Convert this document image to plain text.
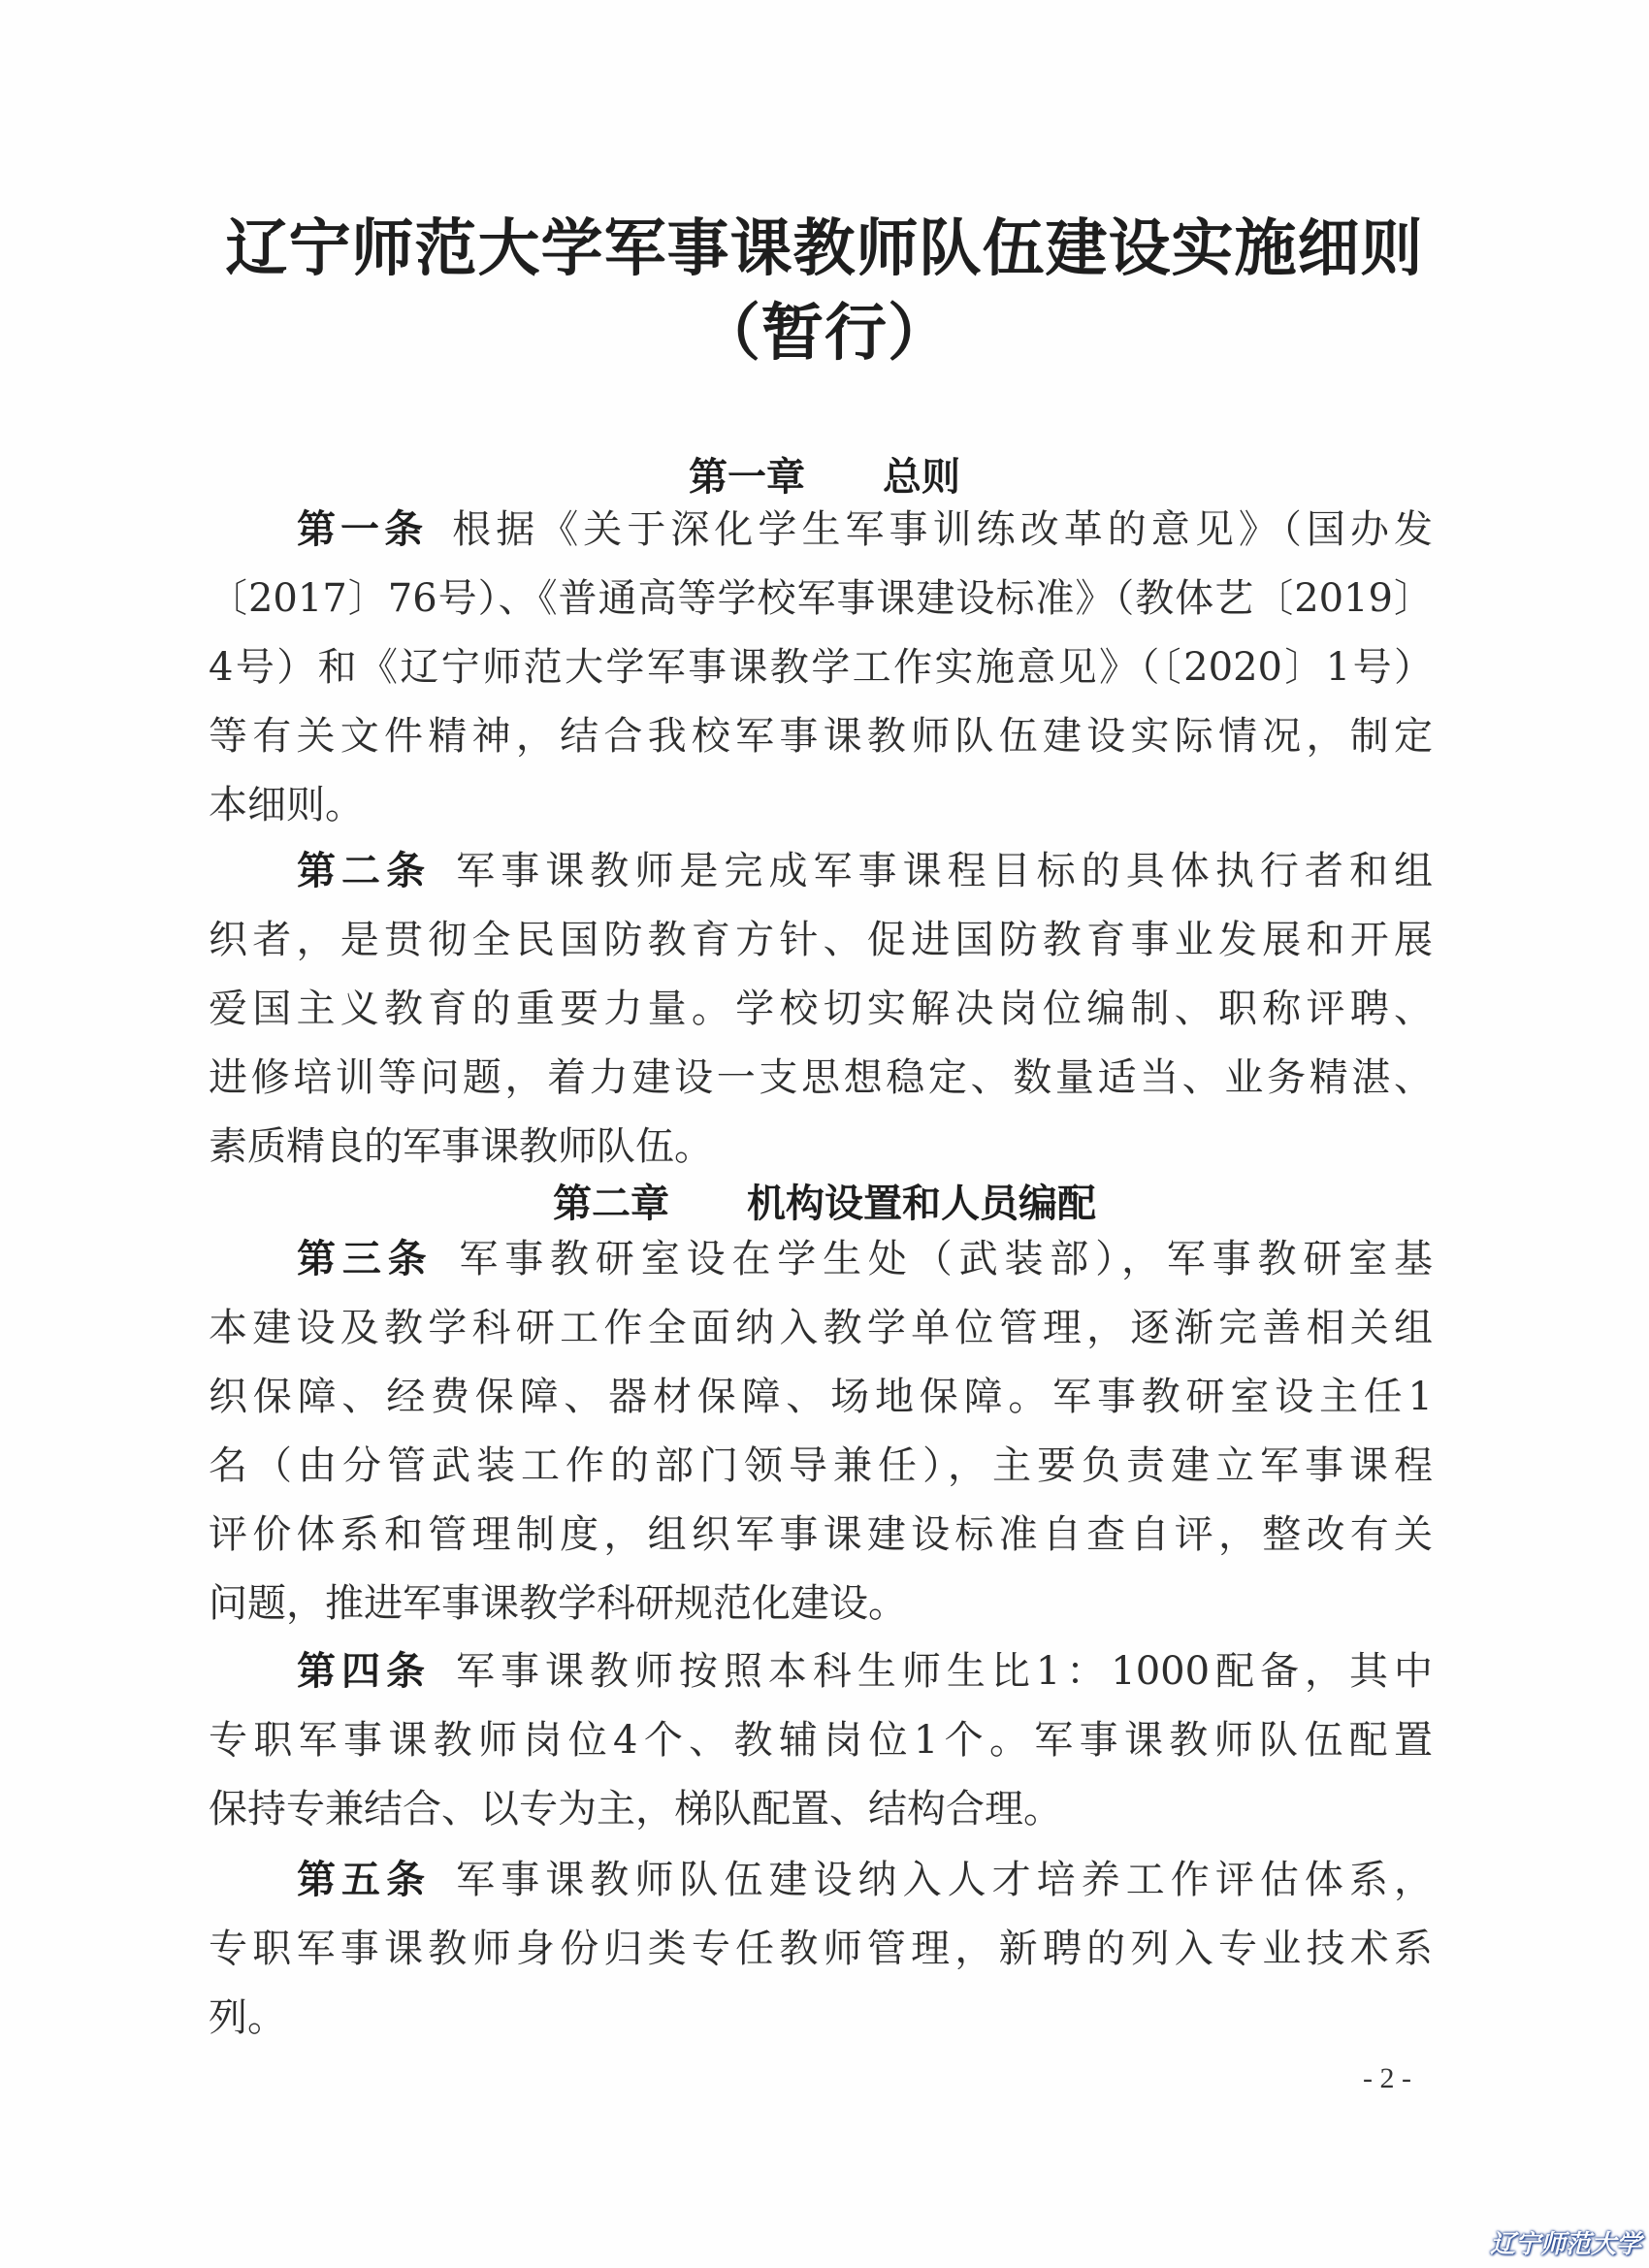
辽宁师范大学军事课教师队伍建设实施细则
（暂行）
第一章　　总则
第一条  根据《关于深化学生军事训练改革的意见》（国办发
〔2017〕76号）、《普通高等学校军事课建设标准》（教体艺〔2019〕
4号）和《辽宁师范大学军事课教学工作实施意见》（〔2020〕1号）
等有关文件精神，结合我校军事课教师队伍建设实际情况，制定
本细则。
第二条  军事课教师是完成军事课程目标的具体执行者和组
织者，是贯彻全民国防教育方针、促进国防教育事业发展和开展
爱国主义教育的重要力量。学校切实解决岗位编制、职称评聘、
进修培训等问题，着力建设一支思想稳定、数量适当、业务精湛、
素质精良的军事课教师队伍。
第二章　　机构设置和人员编配
第三条  军事教研室设在学生处（武装部），军事教研室基
本建设及教学科研工作全面纳入教学单位管理，逐渐完善相关组
织保障、经费保障、器材保障、场地保障。军事教研室设主任1
名（由分管武装工作的部门领导兼任），主要负责建立军事课程
评价体系和管理制度，组织军事课建设标准自查自评，整改有关
问题，推进军事课教学科研规范化建设。
第四条  军事课教师按照本科生师生比1：1000配备，其中
专职军事课教师岗位4个、教辅岗位1个。军事课教师队伍配置
保持专兼结合、以专为主，梯队配置、结构合理。
第五条  军事课教师队伍建设纳入人才培养工作评估体系，
专职军事课教师身份归类专任教师管理，新聘的列入专业技术系
列。
- 2 -
辽宁师范大学
